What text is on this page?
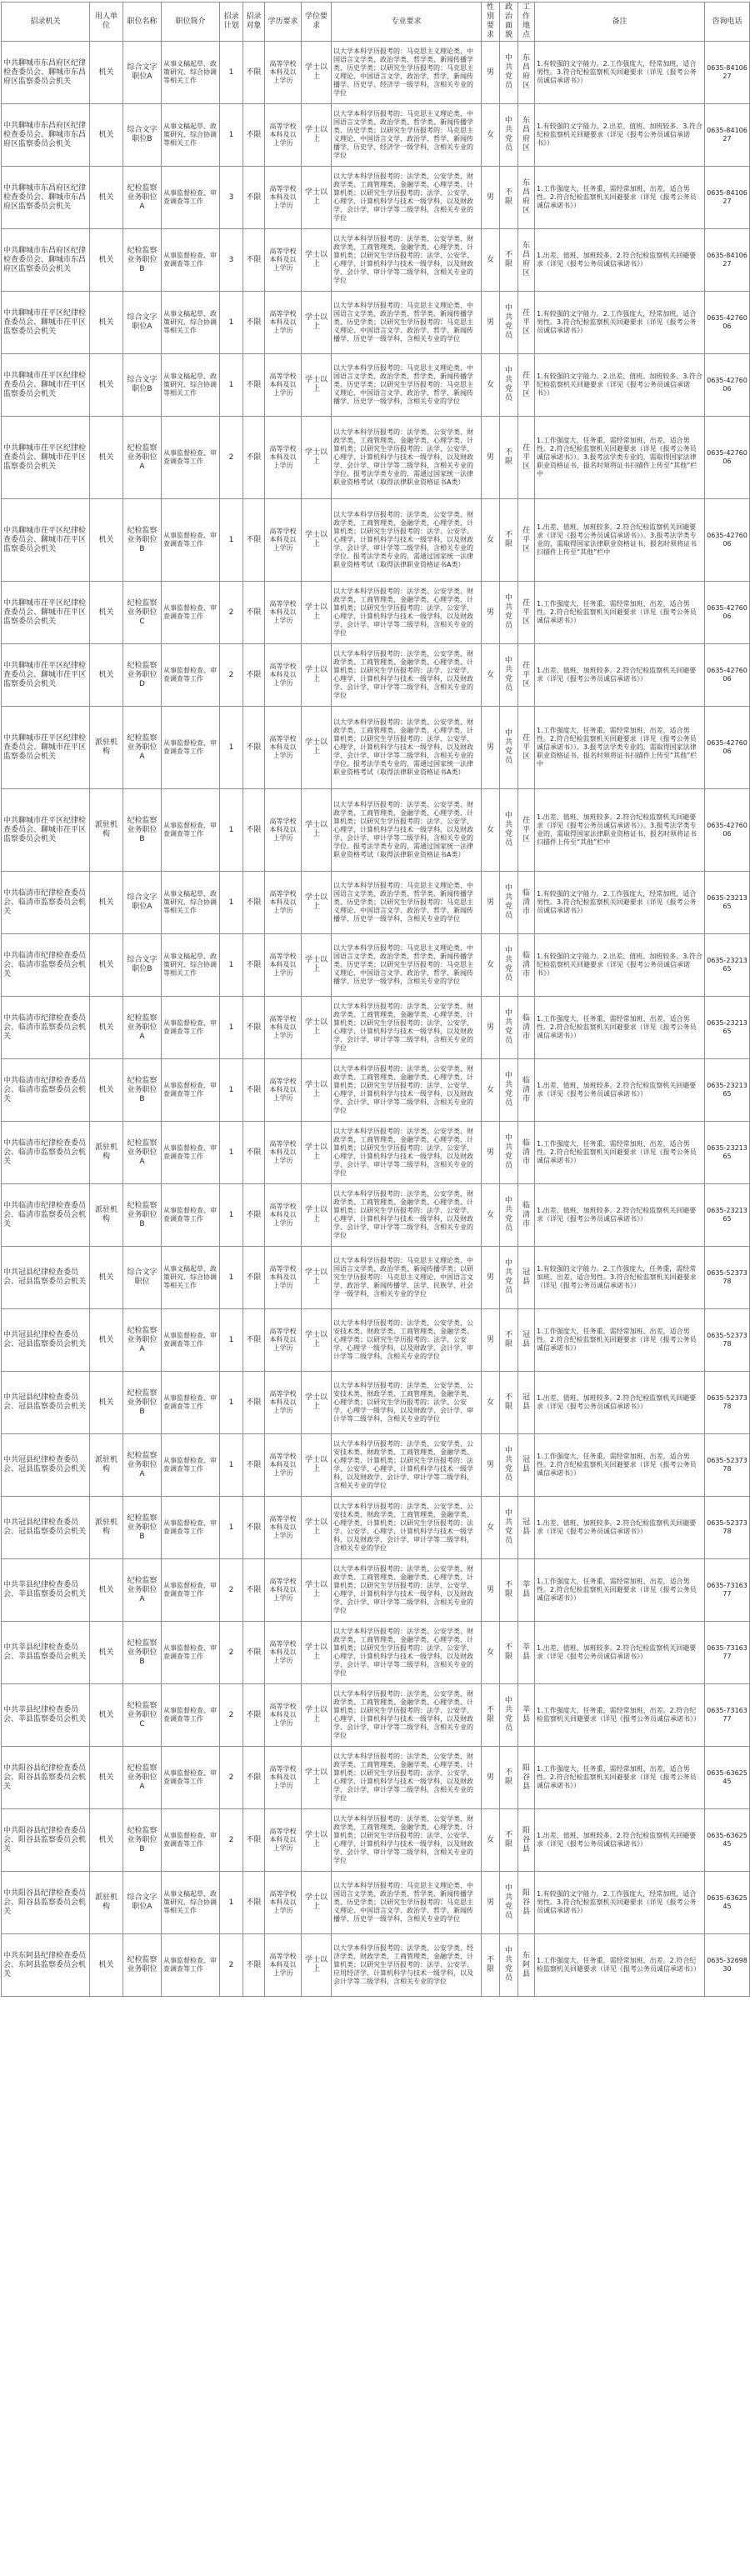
招录机关	用人单位	职位名称	职位简介	招录计划	招录对象	学历要求	学位要求	专业要求	性别要求	政治面貌	工作地点	备注	咨询电话
中共聊城市东昌府区纪律检查委员会、聊城市东昌府区监察委员会机关	机关	综合文字职位A	从事文稿起草、政策研究、综合协调等相关工作	1	不限	高等学校本科及以上学历	学士以上	以大学本科学历报考的：马克思主义理论类、中国语言文学类、政治学类、哲学类、新闻传播学类、历史学类；以研究生学历报考的：马克思主义理论、中国语言文学、政治学、哲学、新闻传播学、历史学、经济学一级学科，含相关专业的学位	男	中共党员	东昌府区	1.有较强的文字能力。2.工作强度大，经常加班，适合男性。3.符合纪检监察机关回避要求（详见《报考公务员诚信承诺书》）	0635-8410627
中共聊城市东昌府区纪律检查委员会、聊城市东昌府区监察委员会机关	机关	综合文字职位B	从事文稿起草、政策研究、综合协调等相关工作	1	不限	高等学校本科及以上学历	学士以上	以大学本科学历报考的：马克思主义理论类、中国语言文学类、政治学类、哲学类、新闻传播学类、历史学类；以研究生学历报考的：马克思主义理论、中国语言文学、政治学、哲学、新闻传播学、历史学、经济学一级学科，含相关专业的学位	女	中共党员	东昌府区	1.有较强的文字能力。2.出差、值班、加班较多。3.符合纪检监察机关回避要求（详见《报考公务员诚信承诺书》）	0635-8410627
中共聊城市东昌府区纪律检查委员会、聊城市东昌府区监察委员会机关	机关	纪检监察业务职位A	从事监督检查、审查调查等工作	3	不限	高等学校本科及以上学历	学士以上	以大学本科学历报考的：法学类、公安学类、财政学类、工商管理类、金融学类、心理学类、计算机类；以研究生学历报考的：法学、公安学、心理学、计算机科学与技术一级学科，以及财政学、会计学、审计学等二级学科，含相关专业的学位	男	不限	东昌府区	1.工作强度大，任务重，需经常加班、出差，适合男性。2.符合纪检监察机关回避要求（详见《报考公务员诚信承诺书》）	0635-8410627
中共聊城市东昌府区纪律检查委员会、聊城市东昌府区监察委员会机关	机关	纪检监察业务职位B	从事监督检查、审查调查等工作	3	不限	高等学校本科及以上学历	学士以上	以大学本科学历报考的：法学类、公安学类、财政学类、工商管理类、金融学类、心理学类、计算机类；以研究生学历报考的：法学、公安学、心理学、计算机科学与技术一级学科，以及财政学、会计学、审计学等二级学科，含相关专业的学位	女	不限	东昌府区	1.出差、值班、加班较多。2.符合纪检监察机关回避要求（详见《报考公务员诚信承诺书》）	0635-8410627
中共聊城市茌平区纪律检查委员会、聊城市茌平区监察委员会机关	机关	综合文字职位A	从事文稿起草、政策研究、综合协调等相关工作	1	不限	高等学校本科及以上学历	学士以上	以大学本科学历报考的：马克思主义理论类、中国语言文学类、政治学类、哲学类、新闻传播学类、历史学类；以研究生学历报考的：马克思主义理论、中国语言文学、政治学、哲学、新闻传播学、历史学一级学科，含相关专业的学位	男	中共党员	茌平区	1.有较强的文字能力。2.工作强度大，经常加班，适合男性。3.符合纪检监察机关回避要求（详见《报考公务员诚信承诺书》）	0635-4276006
中共聊城市茌平区纪律检查委员会、聊城市茌平区监察委员会机关	机关	综合文字职位B	从事文稿起草、政策研究、综合协调等相关工作	1	不限	高等学校本科及以上学历	学士以上	以大学本科学历报考的：马克思主义理论类、中国语言文学类、政治学类、哲学类、新闻传播学类、历史学类；以研究生学历报考的：马克思主义理论、中国语言文学、政治学、哲学、新闻传播学、历史学一级学科，含相关专业的学位	女	中共党员	茌平区	1.有较强的文字能力。2.出差、值班、加班较多。3.符合纪检监察机关回避要求（详见《报考公务员诚信承诺书》）	0635-4276006
中共聊城市茌平区纪律检查委员会、聊城市茌平区监察委员会机关	机关	纪检监察业务职位A	从事监督检查、审查调查等工作	2	不限	高等学校本科及以上学历	学士以上	以大学本科学历报考的：法学类、公安学类、财政学类、工商管理类、金融学类、心理学类、计算机类；以研究生学历报考的：法学、公安学、心理学、计算机科学与技术一级学科，以及财政学、会计学、审计学等二级学科，含相关专业的学位。报考法学类专业的，需通过国家统一法律职业资格考试（取得法律职业资格证书A类）	男	不限	茌平区	1.工作强度大，任务重，需经常加班、出差，适合男性。2.符合纪检监察机关回避要求（详见《报考公务员诚信承诺书》）。3.报考法学类专业的，需取得国家法律职业资格证书，报名时须将证书扫描件上传至“其他”栏中	0635-4276006
中共聊城市茌平区纪律检查委员会、聊城市茌平区监察委员会机关	机关	纪检监察业务职位B	从事监督检查、审查调查等工作	1	不限	高等学校本科及以上学历	学士以上	以大学本科学历报考的：法学类、公安学类、财政学类、工商管理类、金融学类、心理学类、计算机类；以研究生学历报考的：法学、公安学、心理学、计算机科学与技术一级学科，以及财政学、会计学、审计学等二级学科，含相关专业的学位。报考法学类专业的，需通过国家统一法律职业资格考试（取得法律职业资格证书A类）	女	不限	茌平区	1.出差、值班、加班较多。2.符合纪检监察机关回避要求（详见《报考公务员诚信承诺书》）。3.报考法学类专业的，需取得国家法律职业资格证书，报名时须将证书扫描件上传至“其他”栏中	0635-4276006
中共聊城市茌平区纪律检查委员会、聊城市茌平区监察委员会机关	机关	纪检监察业务职位C	从事监督检查、审查调查等工作	2	不限	高等学校本科及以上学历	学士以上	以大学本科学历报考的：法学类、公安学类、财政学类、工商管理类、金融学类、心理学类、计算机类；以研究生学历报考的：法学、公安学、心理学、计算机科学与技术一级学科，以及财政学、会计学、审计学等二级学科，含相关专业的学位	男	中共党员	茌平区	1.工作强度大，任务重，需经常加班、出差，适合男性。2.符合纪检监察机关回避要求（详见《报考公务员诚信承诺书》）	0635-4276006
中共聊城市茌平区纪律检查委员会、聊城市茌平区监察委员会机关	机关	纪检监察业务职位D	从事监督检查、审查调查等工作	2	不限	高等学校本科及以上学历	学士以上	以大学本科学历报考的：法学类、公安学类、财政学类、工商管理类、金融学类、心理学类、计算机类；以研究生学历报考的：法学、公安学、心理学、计算机科学与技术一级学科，以及财政学、会计学、审计学等二级学科，含相关专业的学位	女	中共党员	茌平区	1.出差、值班、加班较多。2.符合纪检监察机关回避要求（详见《报考公务员诚信承诺书》）	0635-4276006
中共聊城市茌平区纪律检查委员会、聊城市茌平区监察委员会机关	派驻机构	纪检监察业务职位A	从事监督检查、审查调查等工作	1	不限	高等学校本科及以上学历	学士以上	以大学本科学历报考的：法学类、公安学类、财政学类、工商管理类、金融学类、心理学类、计算机类；以研究生学历报考的：法学、公安学、心理学、计算机科学与技术一级学科，以及财政学、会计学、审计学等二级学科，含相关专业的学位。报考法学类专业的，需通过国家统一法律职业资格考试（取得法律职业资格证书A类）	男	中共党员	茌平区	1.工作强度大，任务重，需经常加班、出差，适合男性。2.符合纪检监察机关回避要求（详见《报考公务员诚信承诺书》）。3.报考法学类专业的，需取得国家法律职业资格证书，报名时须将证书扫描件上传至“其他”栏中	0635-4276006
中共聊城市茌平区纪律检查委员会、聊城市茌平区监察委员会机关	派驻机构	纪检监察业务职位B	从事监督检查、审查调查等工作	1	不限	高等学校本科及以上学历	学士以上	以大学本科学历报考的：法学类、公安学类、财政学类、工商管理类、金融学类、心理学类、计算机类；以研究生学历报考的：法学、公安学、心理学、计算机科学与技术一级学科，以及财政学、会计学、审计学等二级学科，含相关专业的学位。报考法学类专业的，需通过国家统一法律职业资格考试（取得法律职业资格证书A类）	女	中共党员	茌平区	1.出差、值班、加班较多。2.符合纪检监察机关回避要求（详见《报考公务员诚信承诺书》）。3.报考法学类专业的，需取得国家法律职业资格证书，报名时须将证书扫描件上传至“其他”栏中	0635-4276006
中共临清市纪律检查委员会、临清市监察委员会机关	机关	综合文字职位A	从事文稿起草、政策研究、综合协调等相关工作	1	不限	高等学校本科及以上学历	学士以上	以大学本科学历报考的：马克思主义理论类、中国语言文学类、政治学类、哲学类、新闻传播学类、历史学类；以研究生学历报考的：马克思主义理论、中国语言文学、政治学、哲学、新闻传播学、历史学一级学科，含相关专业的学位	男	中共党员	临清市	1.有较强的文字能力。2.工作强度大，经常加班，适合男性。3.符合纪检监察机关回避要求（详见《报考公务员诚信承诺书》）	0635-2321365
中共临清市纪律检查委员会、临清市监察委员会机关	机关	综合文字职位B	从事文稿起草、政策研究、综合协调等相关工作	1	不限	高等学校本科及以上学历	学士以上	以大学本科学历报考的：马克思主义理论类、中国语言文学类、政治学类、哲学类、新闻传播学类、历史学类；以研究生学历报考的：马克思主义理论、中国语言文学、政治学、哲学、新闻传播学、历史学一级学科，含相关专业的学位	女	中共党员	临清市	1.有较强的文字能力。2.出差、值班、加班较多。3.符合纪检监察机关回避要求（详见《报考公务员诚信承诺书》）	0635-2321365
中共临清市纪律检查委员会、临清市监察委员会机关	机关	纪检监察业务职位A	从事监督检查、审查调查等工作	1	不限	高等学校本科及以上学历	学士以上	以大学本科学历报考的：法学类、公安学类、财政学类、工商管理类、金融学类、心理学类、计算机类；以研究生学历报考的：法学、公安学、心理学、计算机科学与技术一级学科，以及财政学、会计学、审计学等二级学科，含相关专业的学位	男	中共党员	临清市	1.工作强度大，任务重，需经常加班、出差，适合男性。2.符合纪检监察机关回避要求（详见《报考公务员诚信承诺书》）	0635-2321365
中共临清市纪律检查委员会、临清市监察委员会机关	机关	纪检监察业务职位B	从事监督检查、审查调查等工作	1	不限	高等学校本科及以上学历	学士以上	以大学本科学历报考的：法学类、公安学类、财政学类、工商管理类、金融学类、心理学类、计算机类；以研究生学历报考的：法学、公安学、心理学、计算机科学与技术一级学科，以及财政学、会计学、审计学等二级学科，含相关专业的学位	女	中共党员	临清市	1.出差、值班、加班较多。2.符合纪检监察机关回避要求（详见《报考公务员诚信承诺书》）	0635-2321365
中共临清市纪律检查委员会、临清市监察委员会机关	派驻机构	纪检监察业务职位A	从事监督检查、审查调查等工作	1	不限	高等学校本科及以上学历	学士以上	以大学本科学历报考的：法学类、公安学类、财政学类、工商管理类、金融学类、心理学类、计算机类；以研究生学历报考的：法学、公安学、心理学、计算机科学与技术一级学科，以及财政学、会计学、审计学等二级学科，含相关专业的学位	男	中共党员	临清市	1.工作强度大，任务重，需经常加班、出差，适合男性。2.符合纪检监察机关回避要求（详见《报考公务员诚信承诺书》）	0635-2321365
中共临清市纪律检查委员会、临清市监察委员会机关	派驻机构	纪检监察业务职位B	从事监督检查、审查调查等工作	1	不限	高等学校本科及以上学历	学士以上	以大学本科学历报考的：法学类、公安学类、财政学类、工商管理类、金融学类、心理学类、计算机类；以研究生学历报考的：法学、公安学、心理学、计算机科学与技术一级学科，以及财政学、会计学、审计学等二级学科，含相关专业的学位	女	中共党员	临清市	1.出差、值班、加班较多。2.符合纪检监察机关回避要求（详见《报考公务员诚信承诺书》）	0635-2321365
中共冠县纪律检查委员会、冠县监察委员会机关	机关	综合文字职位	从事文稿起草、政策研究、综合协调等相关工作	1	不限	高等学校本科及以上学历	学士以上	以大学本科学历报考的：马克思主义理论类、中国语言文学类、政治学类、新闻传播学类；以研究生学历报考的：马克思主义理论、中国语言文学、政治学、新闻传播学、法学、民族学、社会学一级学科，含相关专业的学位	男	中共党员	冠县	1.有较强的文字能力。2.工作强度大，任务重，需经常加班、出差，适合男性。3.符合纪检监察机关回避要求（详见《报考公务员诚信承诺书》）	0635-5237378
中共冠县纪律检查委员会、冠县监察委员会机关	机关	纪检监察业务职位A	从事监督检查、审查调查等工作	1	不限	高等学校本科及以上学历	学士以上	以大学本科学历报考的：法学类、公安学类、公安技术类、财政学类、工商管理类、金融学类、心理学类；以研究生学历报考的：法学、公安学、心理学一级学科，以及财政学、会计学、审计学等二级学科，含相关专业的学位	男	不限	冠县	1.工作强度大，任务重，需经常加班、出差，适合男性。2.符合纪检监察机关回避要求（详见《报考公务员诚信承诺书》）	0635-5237378
中共冠县纪律检查委员会、冠县监察委员会机关	机关	纪检监察业务职位B	从事监督检查、审查调查等工作	1	不限	高等学校本科及以上学历	学士以上	以大学本科学历报考的：法学类、公安学类、公安技术类、财政学类、工商管理类、金融学类、心理学类；以研究生学历报考的：法学、公安学、心理学一级学科，以及财政学、会计学、审计学等二级学科，含相关专业的学位	女	不限	冠县	1.出差、值班、加班较多。2.符合纪检监察机关回避要求（详见《报考公务员诚信承诺书》）	0635-5237378
中共冠县纪律检查委员会、冠县监察委员会机关	派驻机构	纪检监察业务职位A	从事监督检查、审查调查等工作	1	不限	高等学校本科及以上学历	学士以上	以大学本科学历报考的：法学类、公安学类、公安技术类、财政学类、工商管理类、金融学类、心理学类、计算机类；以研究生学历报考的：法学、公安学、心理学、计算机科学与技术一级学科，以及财政学、会计学、审计学等二级学科，含相关专业的学位	男	中共党员	冠县	1.工作强度大，任务重，需经常加班、出差，适合男性。2.符合纪检监察机关回避要求（详见《报考公务员诚信承诺书》）	0635-5237378
中共冠县纪律检查委员会、冠县监察委员会机关	派驻机构	纪检监察业务职位B	从事监督检查、审查调查等工作	1	不限	高等学校本科及以上学历	学士以上	以大学本科学历报考的：法学类、公安学类、公安技术类、财政学类、工商管理类、金融学类、心理学类、计算机类；以研究生学历报考的：法学、公安学、心理学、计算机科学与技术一级学科，以及财政学、会计学、审计学等二级学科，含相关专业的学位	女	中共党员	冠县	1.出差、值班、加班较多。2.符合纪检监察机关回避要求（详见《报考公务员诚信承诺书》）	0635-5237378
中共莘县纪律检查委员会、莘县监察委员会机关	机关	纪检监察业务职位A	从事监督检查、审查调查等工作	2	不限	高等学校本科及以上学历	学士以上	以大学本科学历报考的：法学类、公安学类、财政学类、工商管理类、金融学类、心理学类、计算机类；以研究生学历报考的：法学、公安学、心理学、计算机科学与技术一级学科，以及财政学、会计学、审计学等二级学科，含相关专业的学位	男	不限	莘县	1.工作强度大，任务重，需经常加班、出差，适合男性。2.符合纪检监察机关回避要求（详见《报考公务员诚信承诺书》）	0635-7316377
中共莘县纪律检查委员会、莘县监察委员会机关	机关	纪检监察业务职位B	从事监督检查、审查调查等工作	2	不限	高等学校本科及以上学历	学士以上	以大学本科学历报考的：法学类、公安学类、财政学类、工商管理类、金融学类、心理学类、计算机类；以研究生学历报考的：法学、公安学、心理学、计算机科学与技术一级学科，以及财政学、会计学、审计学等二级学科，含相关专业的学位	女	不限	莘县	1.出差、值班、加班较多。2.符合纪检监察机关回避要求（详见《报考公务员诚信承诺书》）	0635-7316377
中共莘县纪律检查委员会、莘县监察委员会机关	机关	纪检监察业务职位C	从事监督检查、审查调查等工作	2	不限	高等学校本科及以上学历	学士以上	以大学本科学历报考的：法学类、公安学类、财政学类、工商管理类、金融学类、心理学类、计算机类；以研究生学历报考的：法学、公安学、心理学、计算机科学与技术一级学科，以及财政学、会计学、审计学等二级学科，含相关专业的学位	不限	中共党员	莘县	1.工作强度大，任务重，需经常加班、出差。2.符合纪检监察机关回避要求（详见《报考公务员诚信承诺书》）	0635-7316377
中共阳谷县纪律检查委员会、阳谷县监察委员会机关	机关	纪检监察业务职位A	从事监督检查、审查调查等工作	2	不限	高等学校本科及以上学历	学士以上	以大学本科学历报考的：法学类、公安学类、财政学类、工商管理类、金融学类、心理学类、计算机类；以研究生学历报考的：法学、公安学、心理学、计算机科学与技术一级学科，以及财政学、会计学、审计学等二级学科，含相关专业的学位	男	不限	阳谷县	1.工作强度大，任务重，需经常加班、出差，适合男性。2.符合纪检监察机关回避要求（详见《报考公务员诚信承诺书》）	0635-6362545
中共阳谷县纪律检查委员会、阳谷县监察委员会机关	机关	纪检监察业务职位B	从事监督检查、审查调查等工作	2	不限	高等学校本科及以上学历	学士以上	以大学本科学历报考的：法学类、公安学类、财政学类、工商管理类、金融学类、心理学类、计算机类；以研究生学历报考的：法学、公安学、心理学、计算机科学与技术一级学科，以及财政学、会计学、审计学等二级学科，含相关专业的学位	女	不限	阳谷县	1.出差、值班、加班较多。2.符合纪检监察机关回避要求（详见《报考公务员诚信承诺书》）	0635-6362545
中共阳谷县纪律检查委员会、阳谷县监察委员会机关	派驻机构	综合文字职位A	从事文稿起草、政策研究、综合协调等相关工作	1	不限	高等学校本科及以上学历	学士以上	以大学本科学历报考的：马克思主义理论类、中国语言文学类、政治学类、哲学类、新闻传播学类、历史学类；以研究生学历报考的：马克思主义理论、中国语言文学、政治学、哲学、新闻传播学、历史学一级学科，含相关专业的学位	男	中共党员	阳谷县	1.有较强的文字能力。2.工作强度大，经常加班，适合男性。3.符合纪检监察机关回避要求（详见《报考公务员诚信承诺书》）	0635-6362545
中共东阿县纪律检查委员会、东阿县监察委员会机关	机关	纪检监察业务职位	从事监督检查、审查调查等工作	2	不限	高等学校本科及以上学历	学士以上	以大学本科学历报考的：法学类、公安学类、经济学类、财政学类、工商管理类、金融学类、计算机类；以研究生学历报考的：法学、公安学、应用经济学、计算机科学与技术一级学科，以及会计学等二级学科，含相关专业的学位	不限	中共党员	东阿县	1.工作强度大，任务重，需经常加班、出差。2.符合纪检监察机关回避要求（详见《报考公务员诚信承诺书》）	0635-3269830
